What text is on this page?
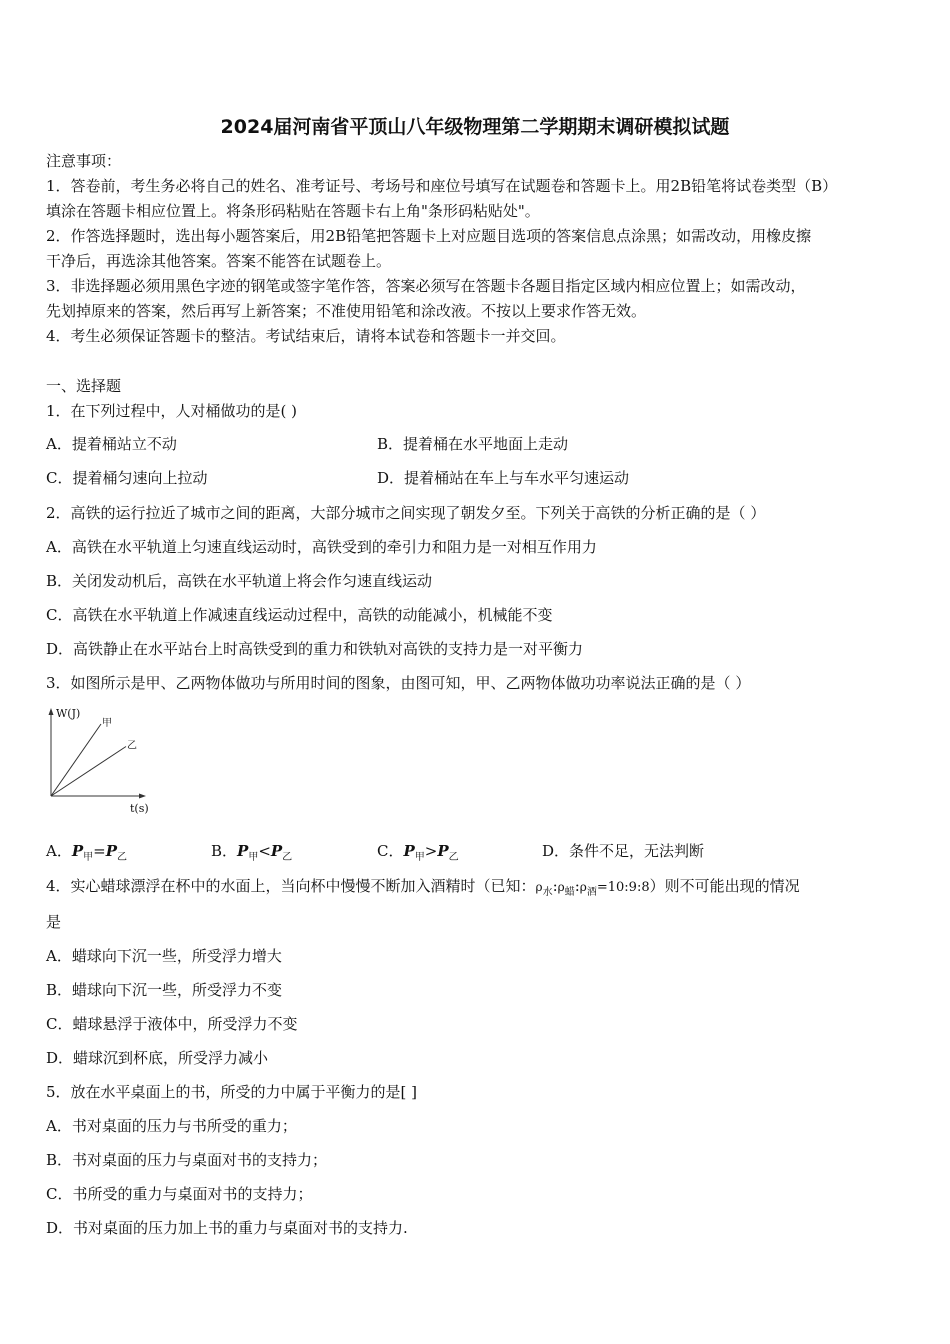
2024届河南省平顶山八年级物理第二学期期末调研模拟试题
注意事项：
1．答卷前，考生务必将自己的姓名、准考证号、考场号和座位号填写在试题卷和答题卡上。用2B铅笔将试卷类型（B）
填涂在答题卡相应位置上。将条形码粘贴在答题卡右上角"条形码粘贴处"。
2．作答选择题时，选出每小题答案后，用2B铅笔把答题卡上对应题目选项的答案信息点涂黑；如需改动，用橡皮擦
干净后，再选涂其他答案。答案不能答在试题卷上。
3．非选择题必须用黑色字迹的钢笔或签字笔作答，答案必须写在答题卡各题目指定区域内相应位置上；如需改动，
先划掉原来的答案，然后再写上新答案；不准使用铅笔和涂改液。不按以上要求作答无效。
4．考生必须保证答题卡的整洁。考试结束后，请将本试卷和答题卡一并交回。
一、选择题
1．在下列过程中，人对桶做功的是( )
A．提着桶站立不动	B．提着桶在水平地面上走动
C．提着桶匀速向上拉动	D．提着桶站在车上与车水平匀速运动
2．高铁的运行拉近了城市之间的距离，大部分城市之间实现了朝发夕至。下列关于高铁的分析正确的是（ ）
A．高铁在水平轨道上匀速直线运动时，高铁受到的牵引力和阻力是一对相互作用力
B．关闭发动机后，高铁在水平轨道上将会作匀速直线运动
C．高铁在水平轨道上作减速直线运动过程中，高铁的动能减小，机械能不变
D．高铁静止在水平站台上时高铁受到的重力和铁轨对高铁的支持力是一对平衡力
3．如图所示是甲、乙两物体做功与所用时间的图象，由图可知，甲、乙两物体做功功率说法正确的是（ ）
W(J)
t(s)
甲
乙
A．$P_甲=P_乙$	B．$P_甲<P_乙$	C．$P_甲>P_乙$	D．条件不足，无法判断
4．实心蜡球漂浮在杯中的水面上，当向杯中慢慢不断加入酒精时（已知：$\rho_水:\rho_蜡:\rho_酒=10:9:8$）则不可能出现的情况
是
A．蜡球向下沉一些，所受浮力增大
B．蜡球向下沉一些，所受浮力不变
C．蜡球悬浮于液体中，所受浮力不变
D．蜡球沉到杯底，所受浮力减小
5．放在水平桌面上的书，所受的力中属于平衡力的是[ ]
A．书对桌面的压力与书所受的重力；
B．书对桌面的压力与桌面对书的支持力；
C．书所受的重力与桌面对书的支持力；
D．书对桌面的压力加上书的重力与桌面对书的支持力.
